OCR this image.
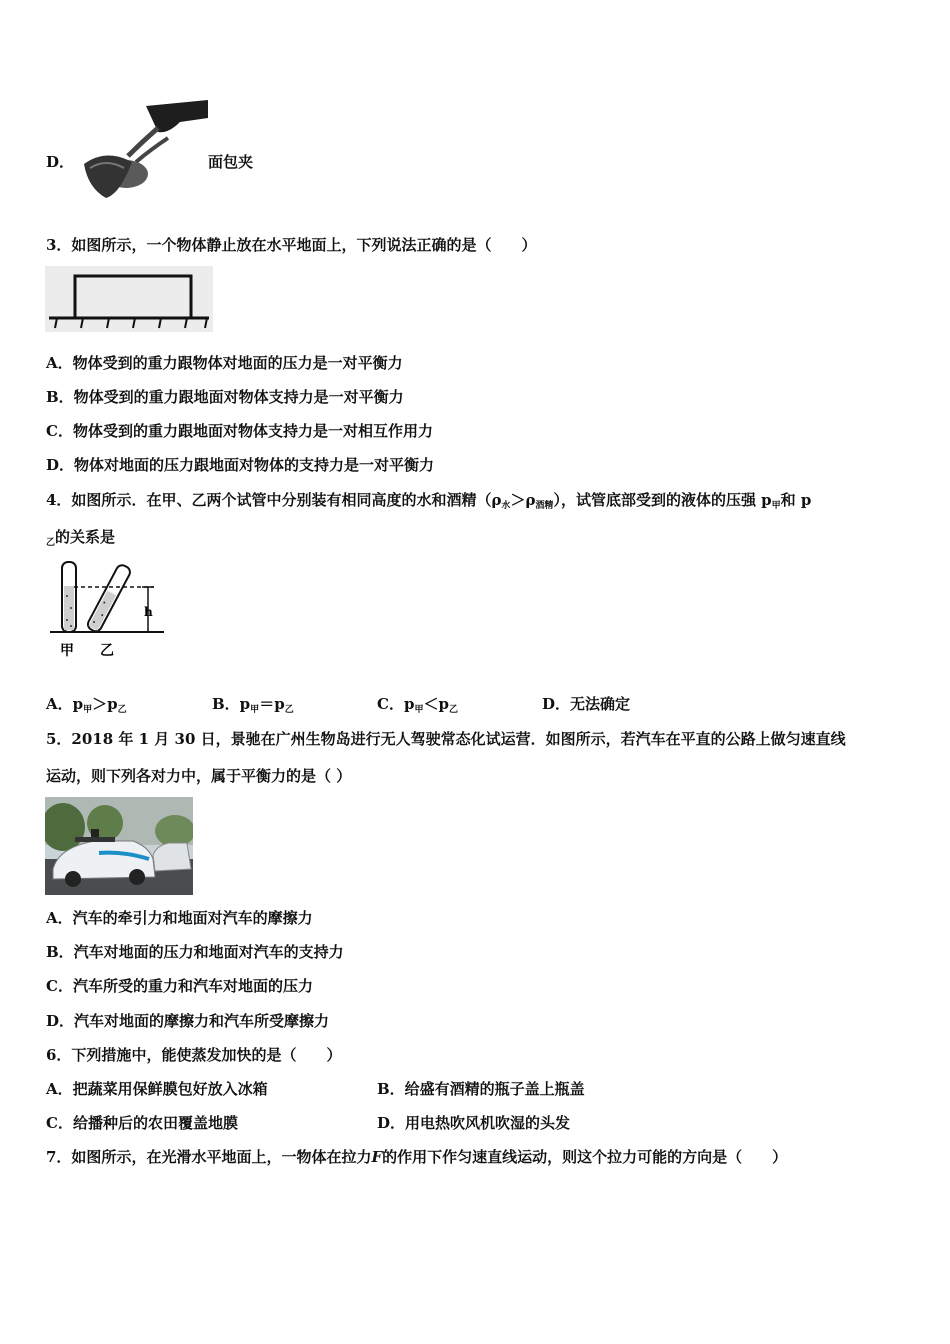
D．	面包夹
3．如图所示，一个物体静止放在水平地面上，下列说法正确的是（　　）
A．物体受到的重力跟物体对地面的压力是一对平衡力
B．物体受到的重力跟地面对物体支持力是一对平衡力
C．物体受到的重力跟地面对物体支持力是一对相互作用力
D．物体对地面的压力跟地面对物体的支持力是一对平衡力
4．如图所示．在甲、乙两个试管中分别装有相同高度的水和酒精$(\rho_水>\rho_{酒精})$，试管底部受到的液体的压强 $p_甲$和 p
$_乙$的关系是
h
甲 乙
A．$p_甲>p_乙$	B．$p_甲=p_乙$	C．$p_甲<p_乙$	D．无法确定
5．2018 年 1 月 30 日，景驰在广州生物岛进行无人驾驶常态化试运营．如图所示，若汽车在平直的公路上做匀速直线
运动，则下列各对力中，属于平衡力的是（ ）
A．汽车的牵引力和地面对汽车的摩擦力
B．汽车对地面的压力和地面对汽车的支持力
C．汽车所受的重力和汽车对地面的压力
D．汽车对地面的摩擦力和汽车所受摩擦力
6．下列措施中，能使蒸发加快的是（　　）
A．把蔬菜用保鲜膜包好放入冰箱	B．给盛有酒精的瓶子盖上瓶盖
C．给播种后的农田覆盖地膜	D．用电热吹风机吹湿的头发
7．如图所示，在光滑水平地面上，一物体在拉力F的作用下作匀速直线运动，则这个拉力可能的方向是（　　）
